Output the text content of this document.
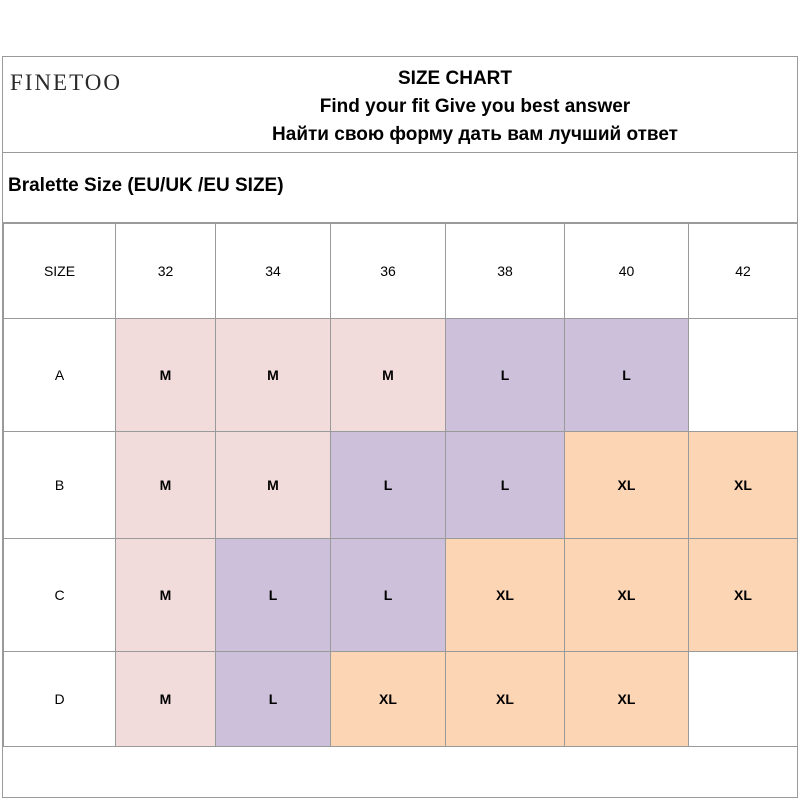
FINETOO	SIZE CHART
Find your fit Give you best answer
Найти свою форму дать вам лучший ответ
Bralette Size (EU/UK /EU SIZE)
SIZE	32	34	36	38	40	42
A	M	M	M	L	L	
B	M	M	L	L	XL	XL
C	M	L	L	XL	XL	XL
D	M	L	XL	XL	XL	
